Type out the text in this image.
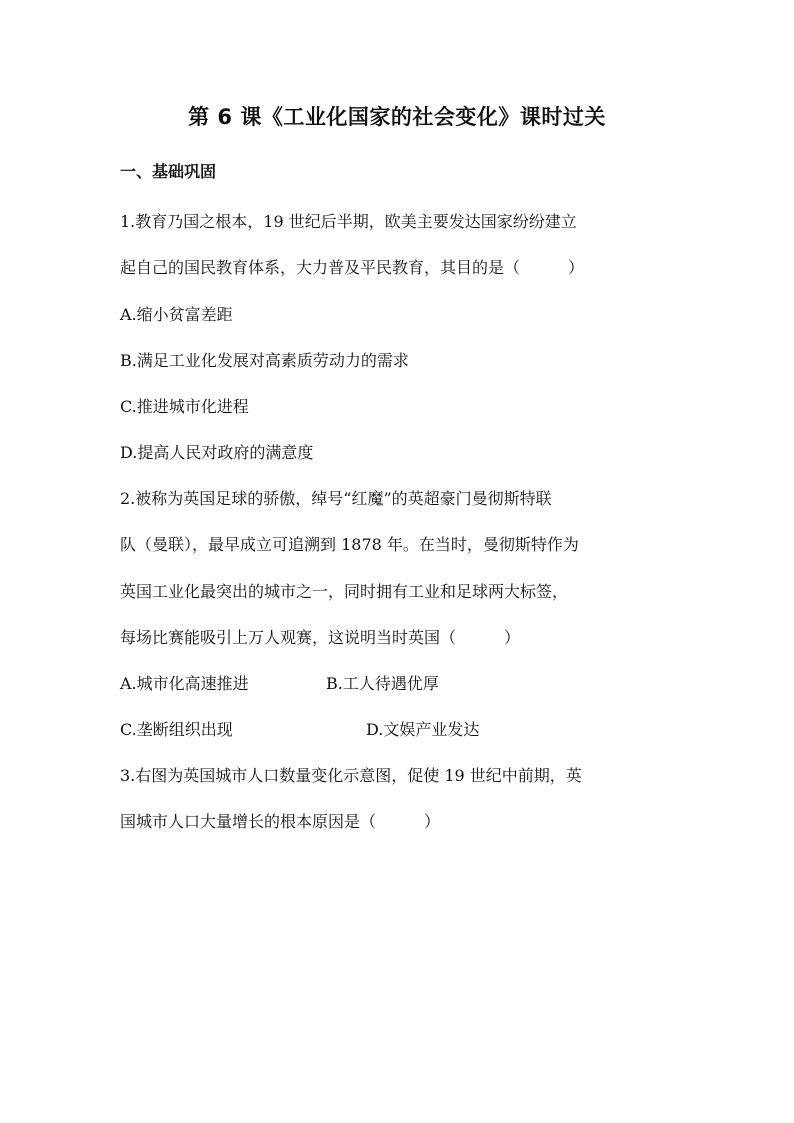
第 6 课《工业化国家的社会变化》课时过关
一、基础巩固
1.教育乃国之根本，19 世纪后半期，欧美主要发达国家纷纷建立
起自己的国民教育体系，大力普及平民教育，其目的是（　　　）
A.缩小贫富差距
B.满足工业化发展对高素质劳动力的需求
C.推进城市化进程
D.提高人民对政府的满意度
2.被称为英国足球的骄傲，绰号“红魔”的英超豪门曼彻斯特联
队（曼联），最早成立可追溯到 1878 年。在当时，曼彻斯特作为
英国工业化最突出的城市之一，同时拥有工业和足球两大标签，
每场比赛能吸引上万人观赛，这说明当时英国（　　　）
A.城市化高速推进	B.工人待遇优厚
C.垄断组织出现	D.文娱产业发达
3.右图为英国城市人口数量变化示意图，促使 19 世纪中前期，英
国城市人口大量增长的根本原因是（　　　）
